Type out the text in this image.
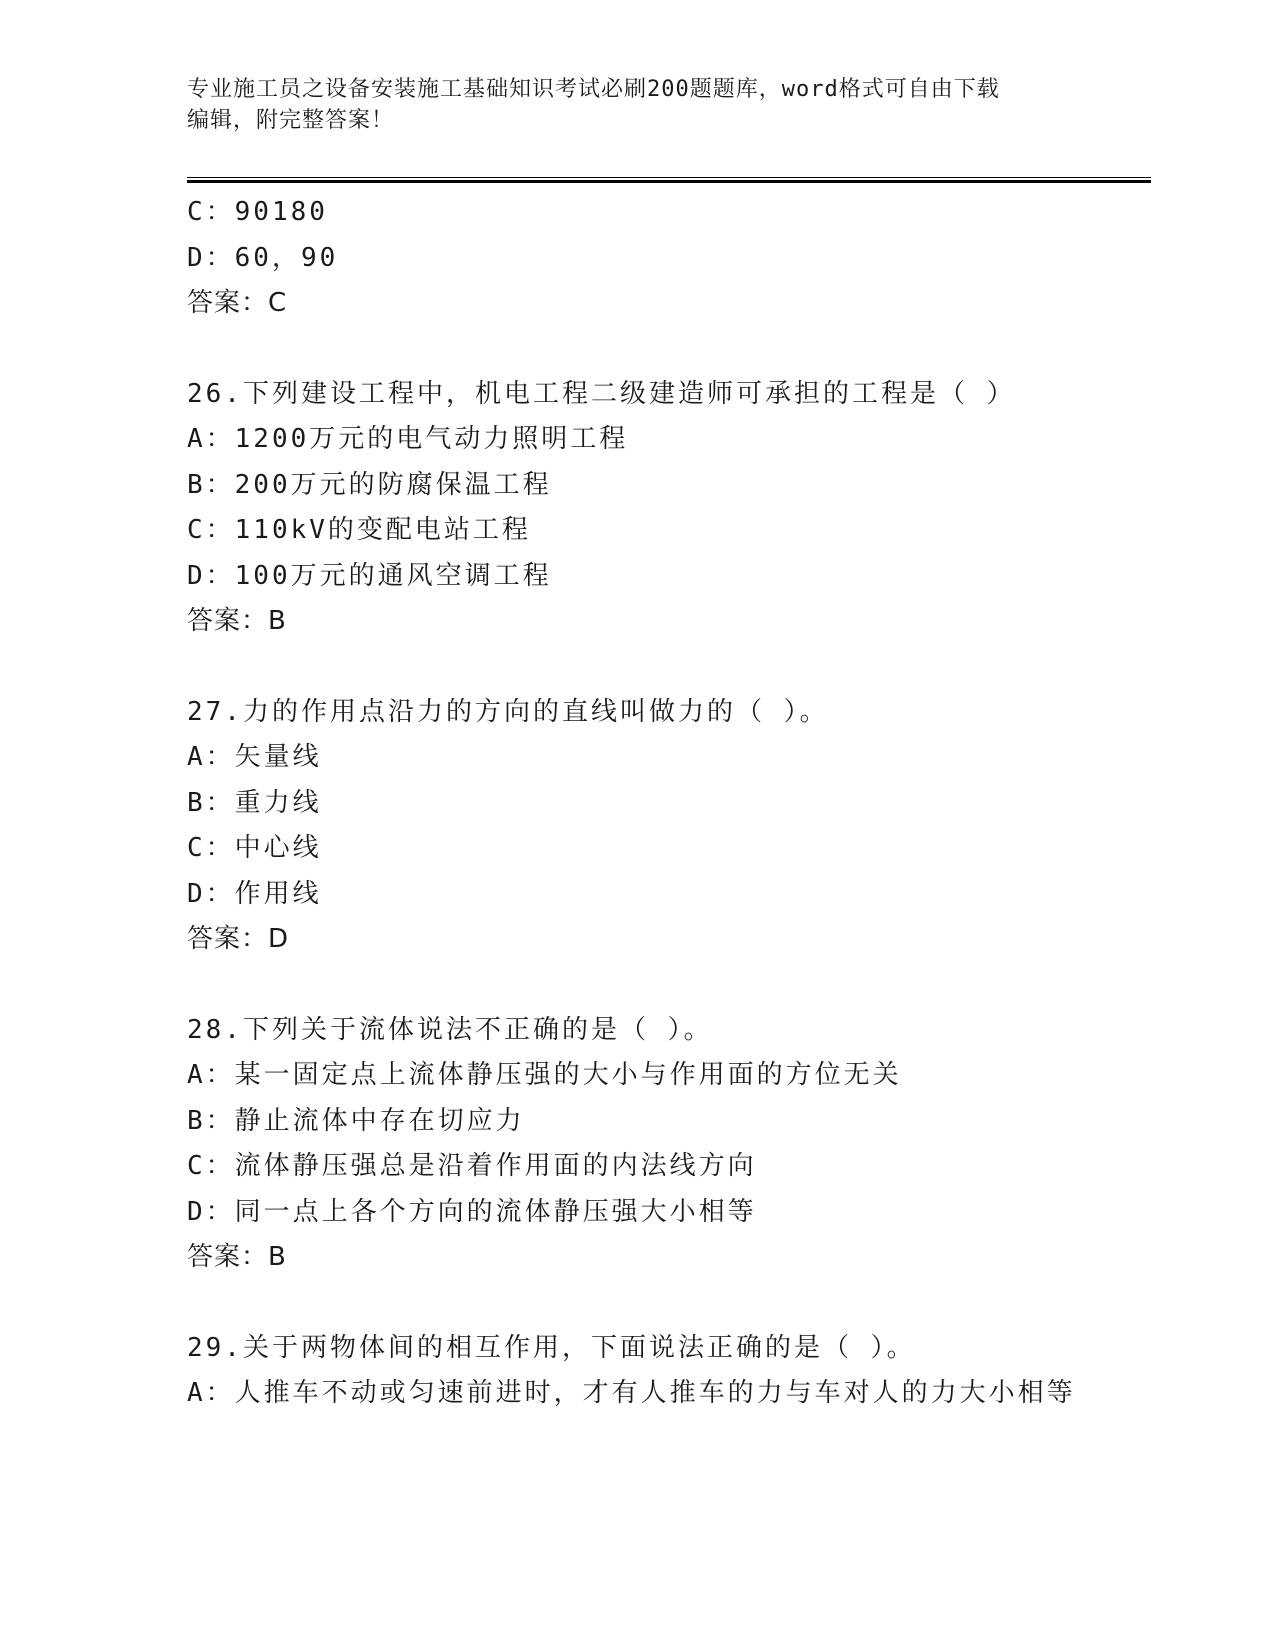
专业施工员之设备安装施工基础知识考试必刷200题题库，word格式可自由下载
编辑，附完整答案！
C：90180
D：60，90
答案：C
26.下列建设工程中，机电工程二级建造师可承担的工程是（ ）
A：1200万元的电气动力照明工程
B：200万元的防腐保温工程
C：110kV的变配电站工程
D：100万元的通风空调工程
答案：B
27.力的作用点沿力的方向的直线叫做力的（ ）。
A：矢量线
B：重力线
C：中心线
D：作用线
答案：D
28.下列关于流体说法不正确的是（ ）。
A：某一固定点上流体静压强的大小与作用面的方位无关
B：静止流体中存在切应力
C：流体静压强总是沿着作用面的内法线方向
D：同一点上各个方向的流体静压强大小相等
答案：B
29.关于两物体间的相互作用，下面说法正确的是（ ）。
A：人推车不动或匀速前进时，才有人推车的力与车对人的力大小相等
